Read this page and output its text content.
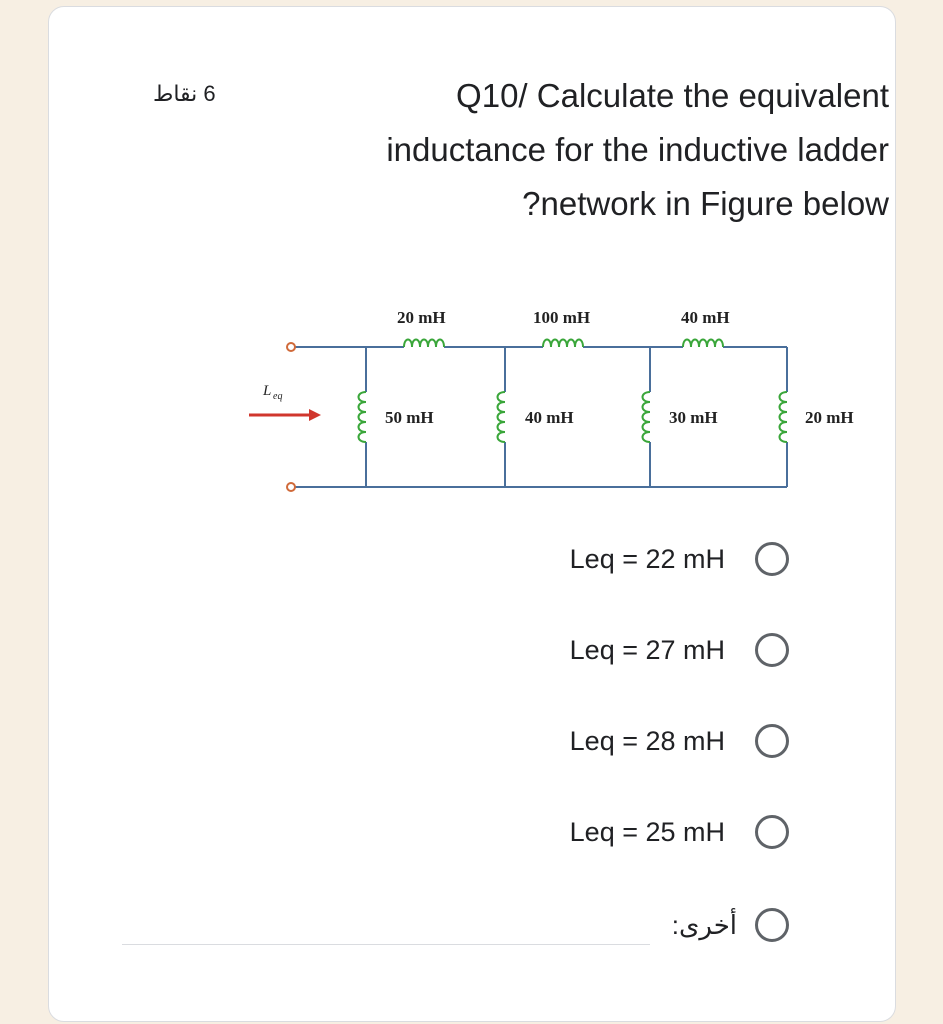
6 نقاط	Q10/ Calculate the equivalent inductance for the inductive ladder network in Figure below?
L eq
20 mH	100 mH	40 mH
50 mH	40 mH	30 mH	20 mH
Leq = 22 mH
Leq = 27 mH
Leq = 28 mH
Leq = 25 mH
أخرى:
